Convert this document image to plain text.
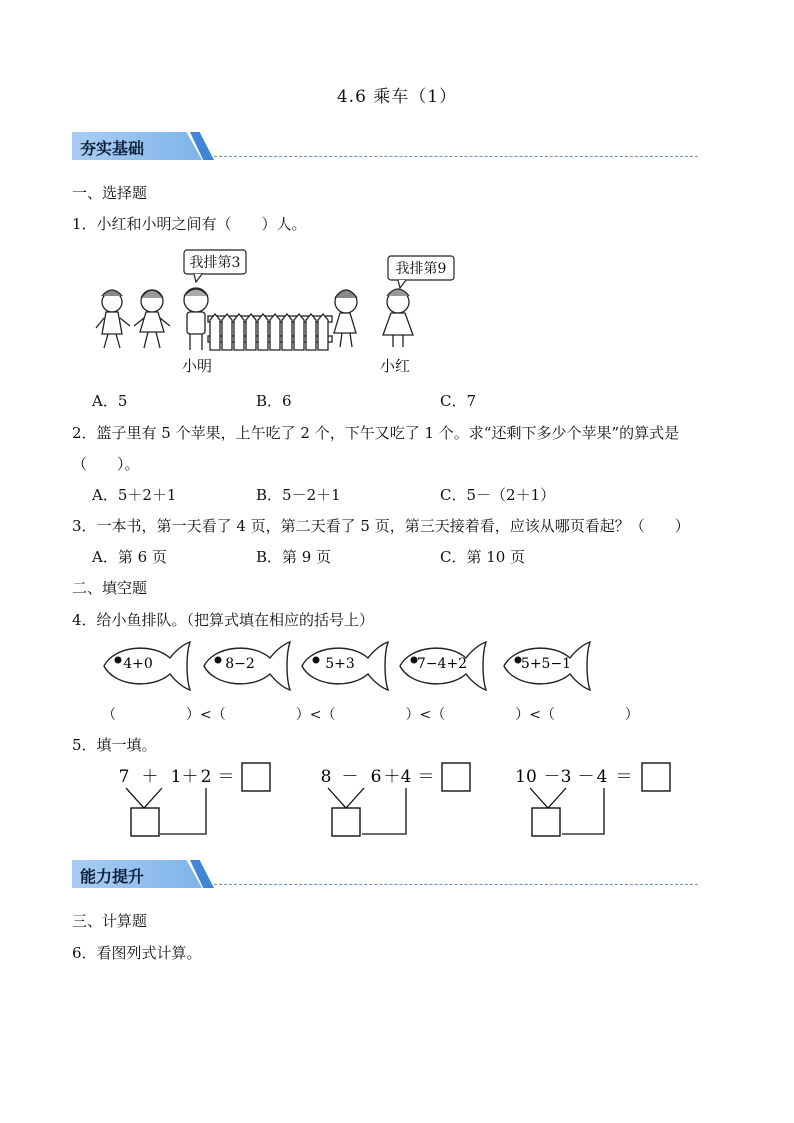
4.6 乘车（1）
夯实基础
一、选择题
1．小红和小明之间有（　　）人。
我排第3	我排第9
小明	小红
A．5	B．6	C．7
2．篮子里有 5 个苹果，上午吃了 2 个，下午又吃了 1 个。求“还剩下多少个苹果”的算式是
（　　）。
A．5＋2＋1	B．5－2＋1	C．5－（2＋1）
3．一本书，第一天看了 4 页，第二天看了 5 页，第三天接着看，应该从哪页看起？（　　）
A．第 6 页	B．第 9 页	C．第 10 页
二、填空题
4．给小鱼排队。（把算式填在相应的括号上）
4+0	8−2	5+3	7−4+2	5+5−1
（　　　　　）<（　　　　　）<（　　　　　）<（　　　　　）<（　　　　　）
5．填一填。
7 ＋ 1 ＋ 2 ＝	8 － 6 ＋ 4 ＝	10 － 3 － 4 ＝
能力提升
三、计算题
6．看图列式计算。
